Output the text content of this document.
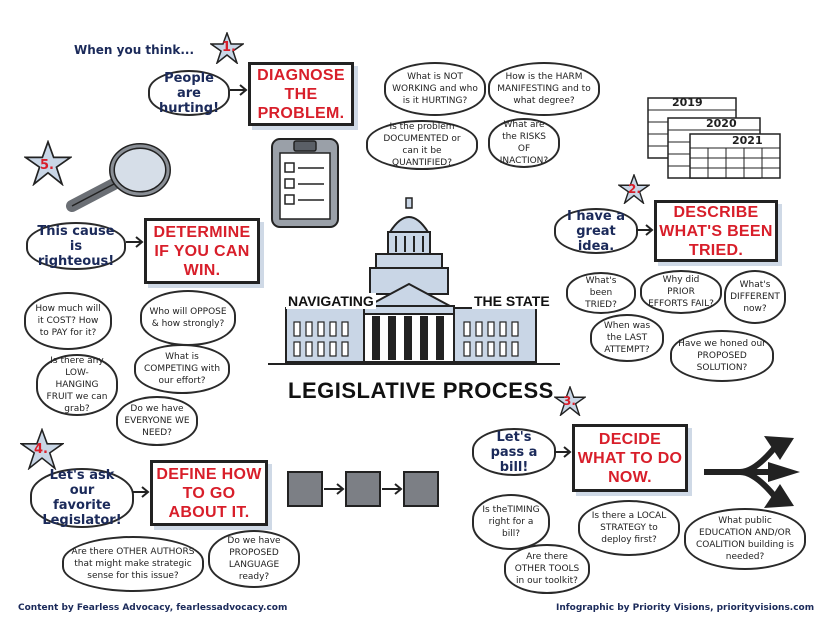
When you think... 1.
People are hurting!
DIAGNOSE THE PROBLEM.
What is NOT WORKING and who is it HURTING?
How is the HARM MANIFESTING and to what degree?
Is the problem DOCUMENTED or can it be QUANTIFIED?
What are the RISKS OF INACTION?
5.
This cause is righteous!
DETERMINE IF YOU CAN WIN.
How much will it COST? How to PAY for it?
Who will OPPOSE & how strongly?
Is there any LOW-HANGING FRUIT we can grab?
What is COMPETING with our effort?
Do we have EVERYONE WE NEED?
NAVIGATING	THE STATE
LEGISLATIVE PROCESS
2019
2020
2021
2.
I have a great idea.
DESCRIBE WHAT'S BEEN TRIED.
What's been TRIED?
Why did PRIOR EFFORTS FAIL?
What's DIFFERENT now?
When was the LAST ATTEMPT?
Have we honed our PROPOSED SOLUTION?
3.
Let's pass a bill!
DECIDE WHAT TO DO NOW.
Is theTIMING right for a bill?
Is there a LOCAL STRATEGY to deploy first?
What public EDUCATION AND/OR COALITION building is needed?
Are there OTHER TOOLS in our toolkit?
4.
Let's ask our favorite Legislator!
DEFINE HOW TO GO ABOUT IT.
Are there OTHER AUTHORS that might make strategic sense for this issue?
Do we have PROPOSED LANGUAGE ready?
Content by Fearless Advocacy, fearlessadvocacy.com	Infographic by Priority Visions, priorityvisions.com
